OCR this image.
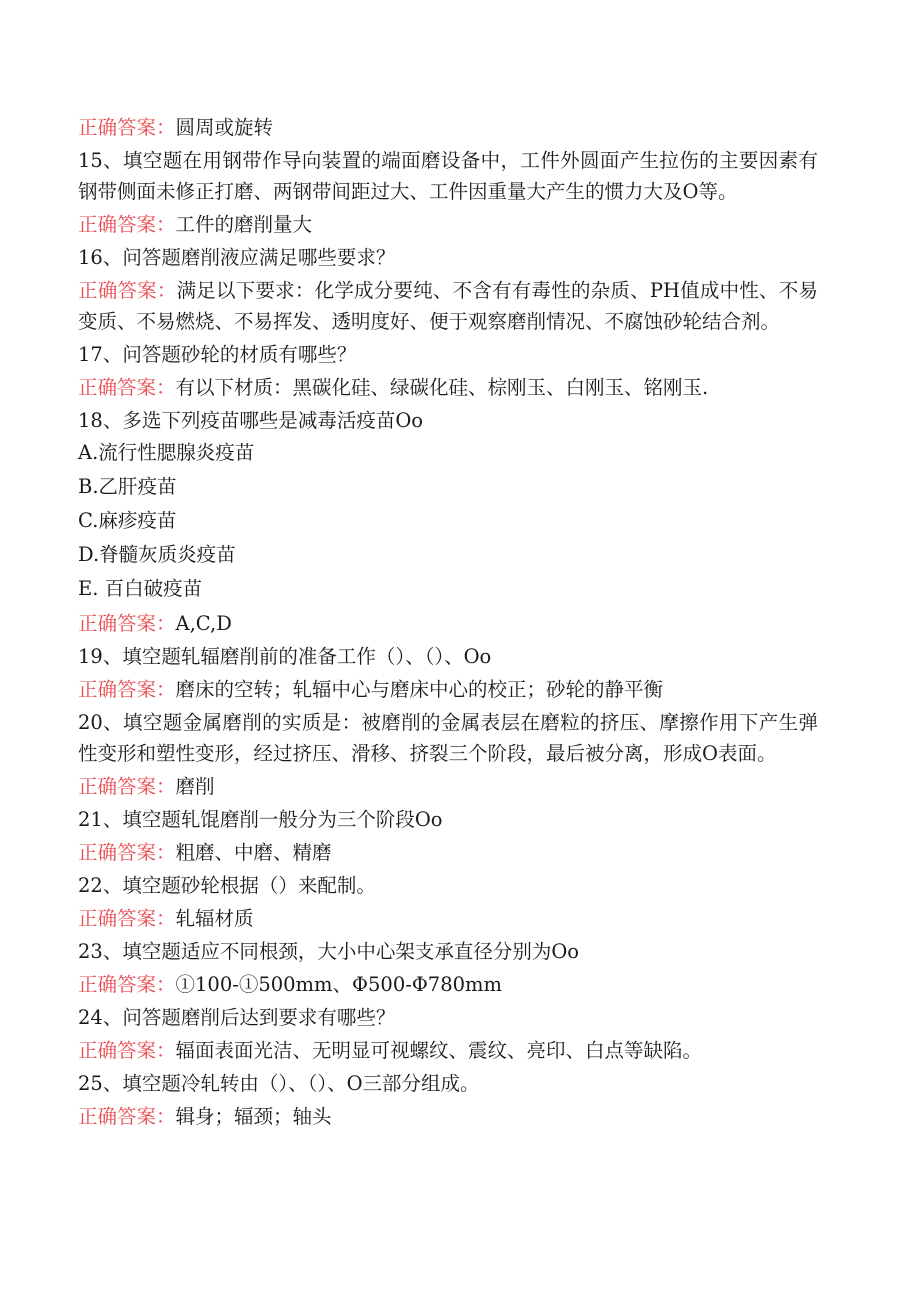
正确答案：圆周或旋转
15、填空题在用钢带作导向装置的端面磨设备中，工件外圆面产生拉伤的主要因素有钢带侧面未修正打磨、两钢带间距过大、工件因重量大产生的惯力大及O等。
正确答案：工件的磨削量大
16、问答题磨削液应满足哪些要求？
正确答案：满足以下要求：化学成分要纯、不含有有毒性的杂质、PH值成中性、不易变质、不易燃烧、不易挥发、透明度好、便于观察磨削情况、不腐蚀砂轮结合剂。
17、问答题砂轮的材质有哪些？
正确答案：有以下材质：黑碳化硅、绿碳化硅、棕刚玉、白刚玉、铭刚玉.
18、多选下列疫苗哪些是减毒活疫苗Oo
A.流行性腮腺炎疫苗
B.乙肝疫苗
C.麻疹疫苗
D.脊髓灰质炎疫苗
E. 百白破疫苗
正确答案：A,C,D
19、填空题轧辐磨削前的准备工作（）、（）、Oo
正确答案：磨床的空转；轧辐中心与磨床中心的校正；砂轮的静平衡
20、填空题金属磨削的实质是：被磨削的金属表层在磨粒的挤压、摩擦作用下产生弹性变形和塑性变形，经过挤压、滑移、挤裂三个阶段，最后被分离，形成O表面。
正确答案：磨削
21、填空题轧馄磨削一般分为三个阶段Oo
正确答案：粗磨、中磨、精磨
22、填空题砂轮根据（）来配制。
正确答案：轧辐材质
23、填空题适应不同根颈，大小中心架支承直径分别为Oo
正确答案：①100-①500mm、Φ500-Φ780mm
24、问答题磨削后达到要求有哪些？
正确答案：辐面表面光洁、无明显可视螺纹、震纹、亮印、白点等缺陷。
25、填空题冷轧转由（）、（）、O三部分组成。
正确答案：辑身；辐颈；轴头
